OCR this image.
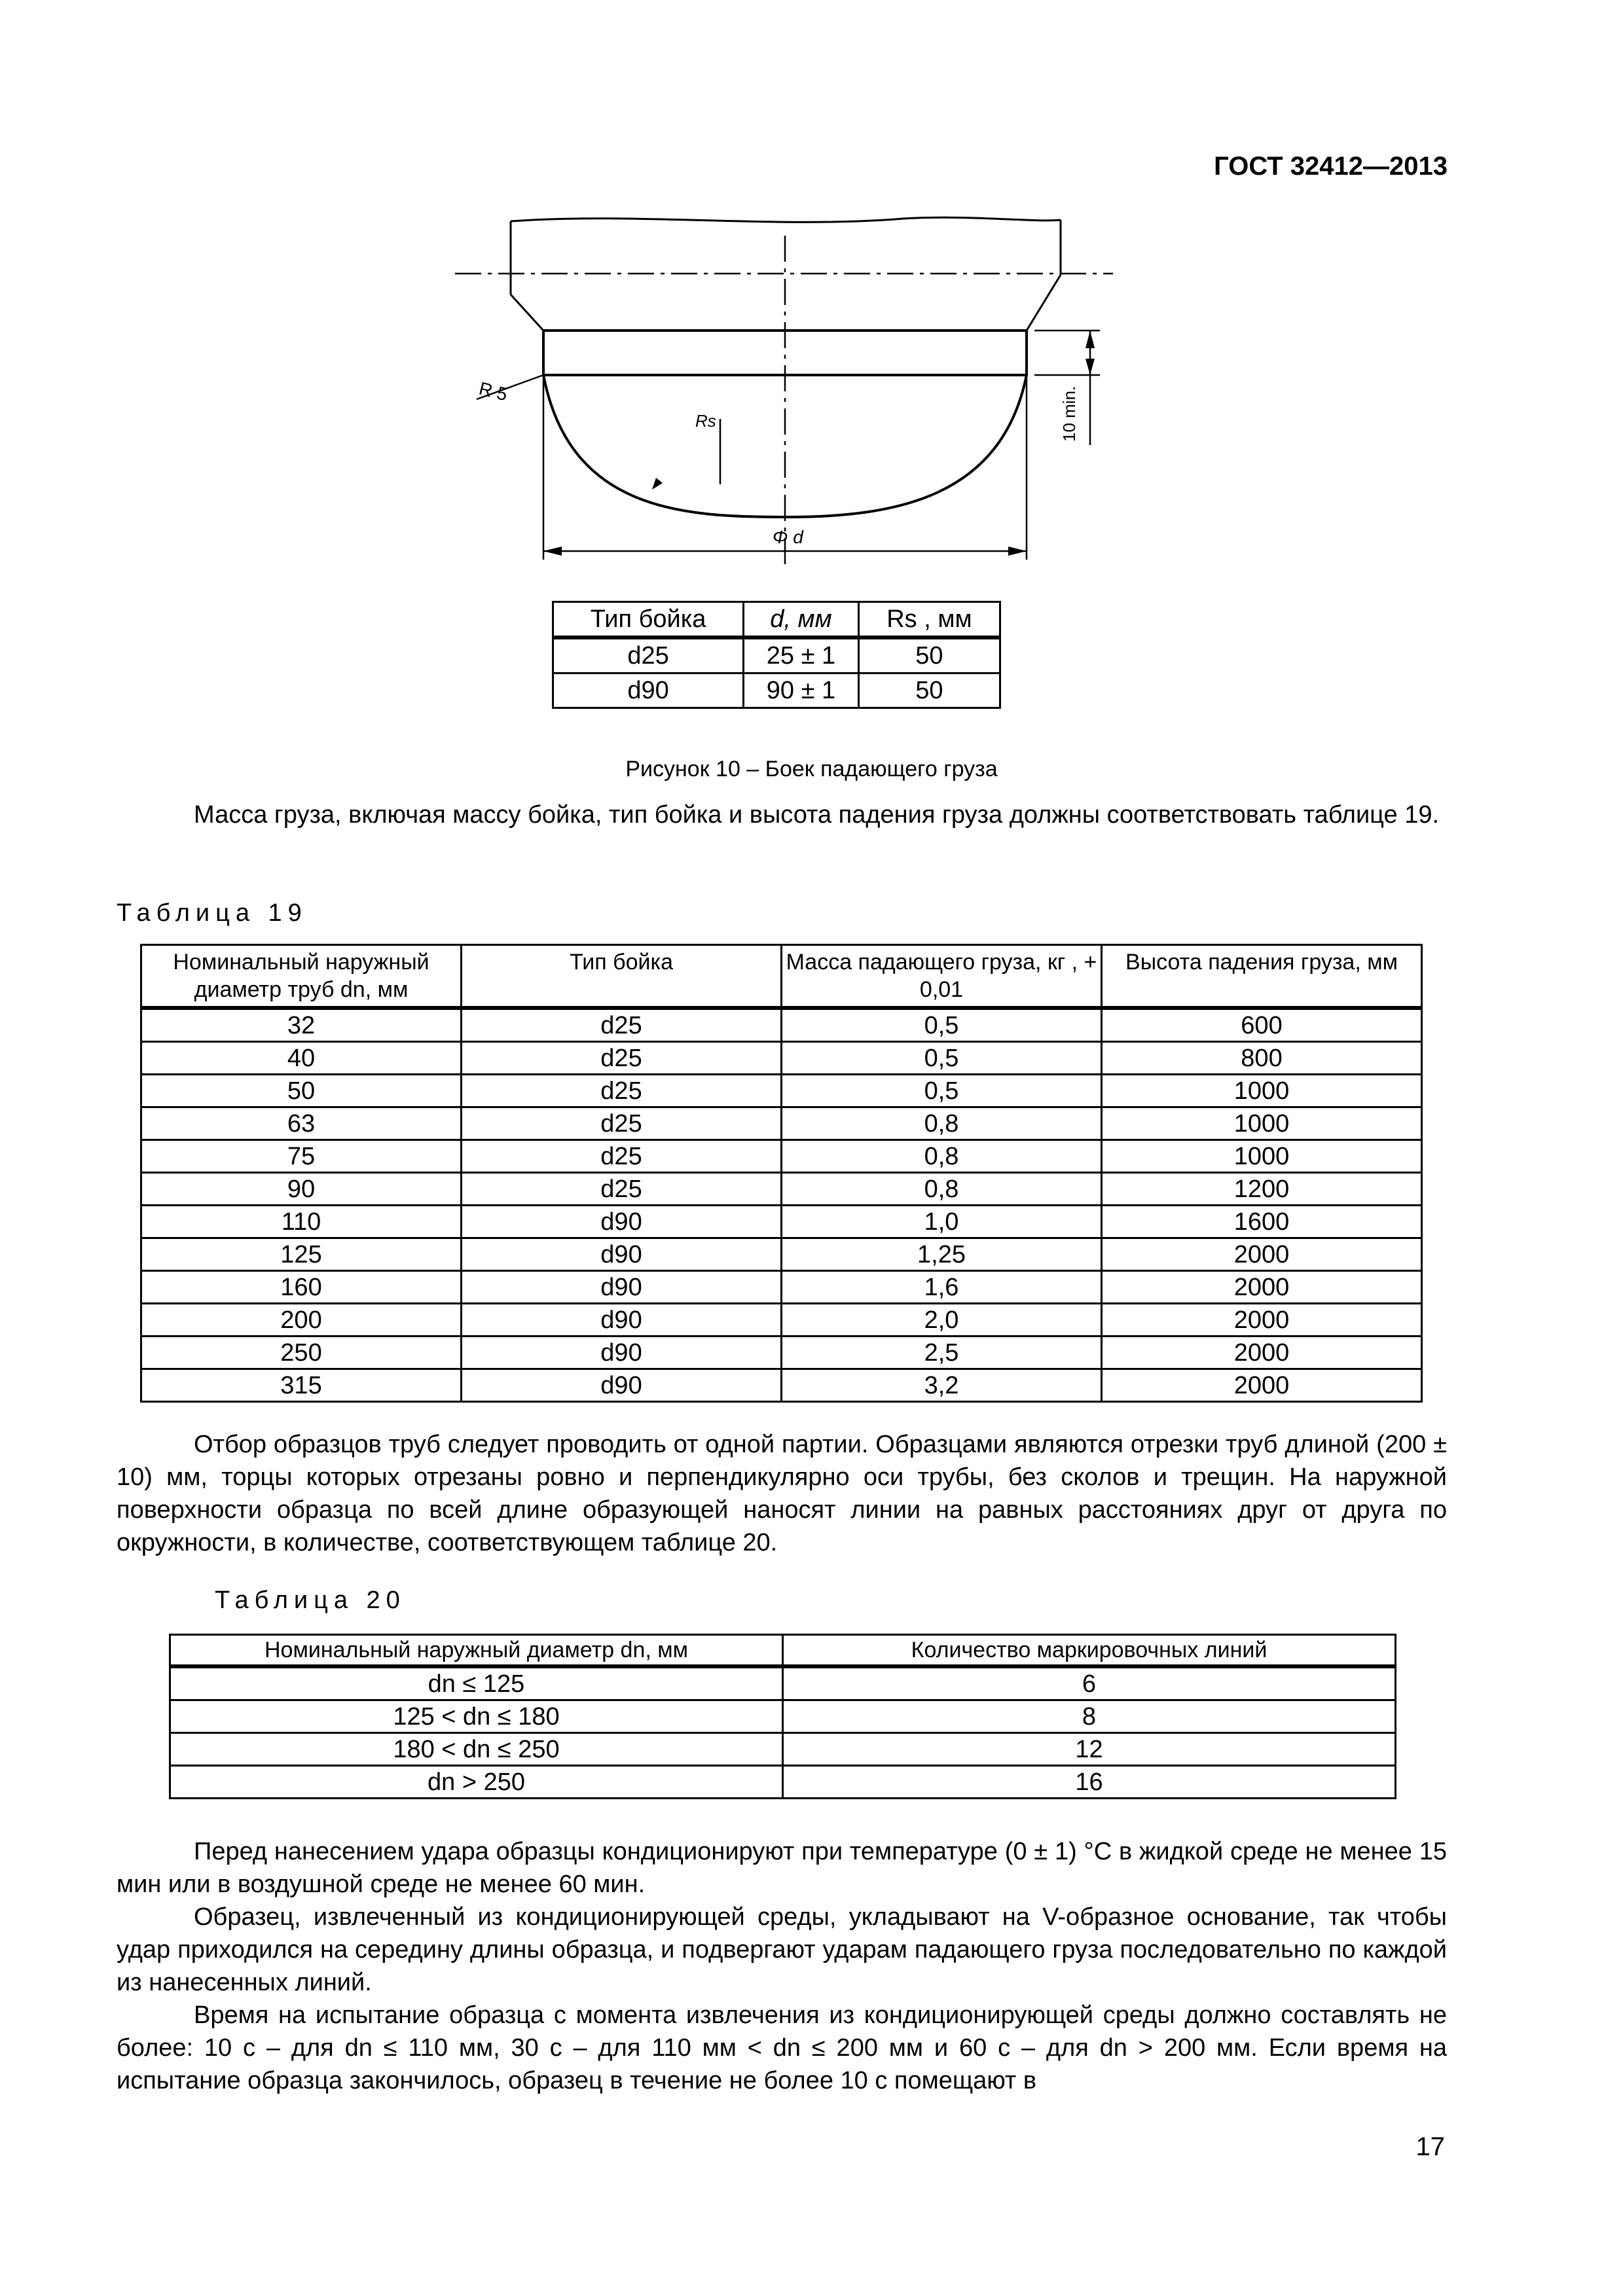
ГОСТ 32412—2013
R 5
Rs	10 min.
Φ d
Тип бойка	d, мм	Rs , мм
d25	25 ± 1	50
d90	90 ± 1	50
Рисунок 10 – Боек падающего груза

Масса груза, включая массу бойка, тип бойка и высота падения груза должны соответствовать таблице 19.

Таблица 19
Номинальный наружный диаметр труб dn, мм	Тип бойка	Масса падающего груза, кг , + 0,01	Высота падения груза, мм
32	d25	0,5	600
40	d25	0,5	800
50	d25	0,5	1000
63	d25	0,8	1000
75	d25	0,8	1000
90	d25	0,8	1200
110	d90	1,0	1600
125	d90	1,25	2000
160	d90	1,6	2000
200	d90	2,0	2000
250	d90	2,5	2000
315	d90	3,2	2000

Отбор образцов труб следует проводить от одной партии. Образцами являются отрезки труб длиной (200 ± 10) мм, торцы которых отрезаны ровно и перпендикулярно оси трубы, без сколов и трещин. На наружной поверхности образца по всей длине образующей наносят линии на равных расстояниях друг от друга по окружности, в количестве, соответствующем таблице 20.

Таблица 20
Номинальный наружный диаметр dn, мм	Количество маркировочных линий
dn ≤ 125	6
125 < dn ≤ 180	8
180 < dn ≤ 250	12
dn > 250	16

Перед нанесением удара образцы кондиционируют при температуре (0 ± 1) °С в жидкой среде не менее 15 мин или в воздушной среде не менее 60 мин.

Образец, извлеченный из кондиционирующей среды, укладывают на V-образное основание, так чтобы удар приходился на середину длины образца, и подвергают ударам падающего груза последовательно по каждой из нанесенных линий.

Время на испытание образца с момента извлечения из кондиционирующей среды должно составлять не более: 10 с – для dn ≤ 110 мм, 30 с – для 110 мм < dn ≤ 200 мм и 60 с – для dn > 200 мм. Если время на испытание образца закончилось, образец в течение не более 10 с помещают в

17
